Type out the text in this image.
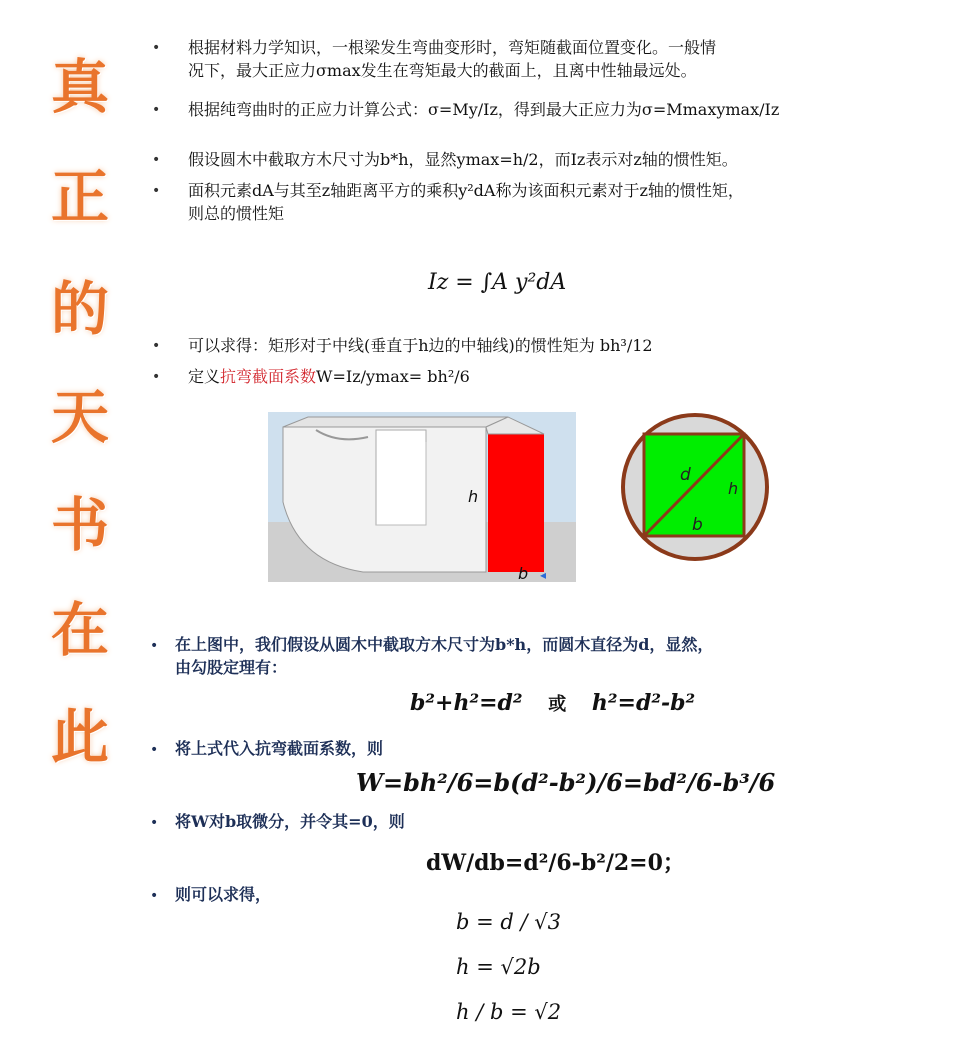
真
正
的
天
书
在
此
• 根据材料力学知识，一根梁发生弯曲变形时，弯矩随截面位置变化。一般情
况下，最大正应力σmax发生在弯矩最大的截面上，且离中性轴最远处。
• 根据纯弯曲时的正应力计算公式：σ=My/Iz，得到最大正应力为σ=Mmaxymax/Iz
• 假设圆木中截取方木尺寸为b*h，显然ymax=h/2，而Iz表示对z轴的惯性矩。
• 面积元素dA与其至z轴距离平方的乘积y²dA称为该面积元素对于z轴的惯性矩，
则总的惯性矩
Iz = ∫A y²dA
• 可以求得：矩形对于中线(垂直于h边的中轴线)的惯性矩为 bh³/12
• 定义抗弯截面系数W=Iz/ymax= bh²/6
h
b ◂
d
h
b
• 在上图中，我们假设从圆木中截取方木尺寸为b*h，而圆木直径为d，显然，
由勾股定理有：
b²+h²=d² 或 h²=d²-b²
• 将上式代入抗弯截面系数，则
W=bh²/6=b(d²-b²)/6=bd²/6-b³/6
• 将W对b取微分，并令其=0，则
dW/db=d²/6-b²/2=0；
• 则可以求得，
b = d / √3
h = √2b
h / b = √2
